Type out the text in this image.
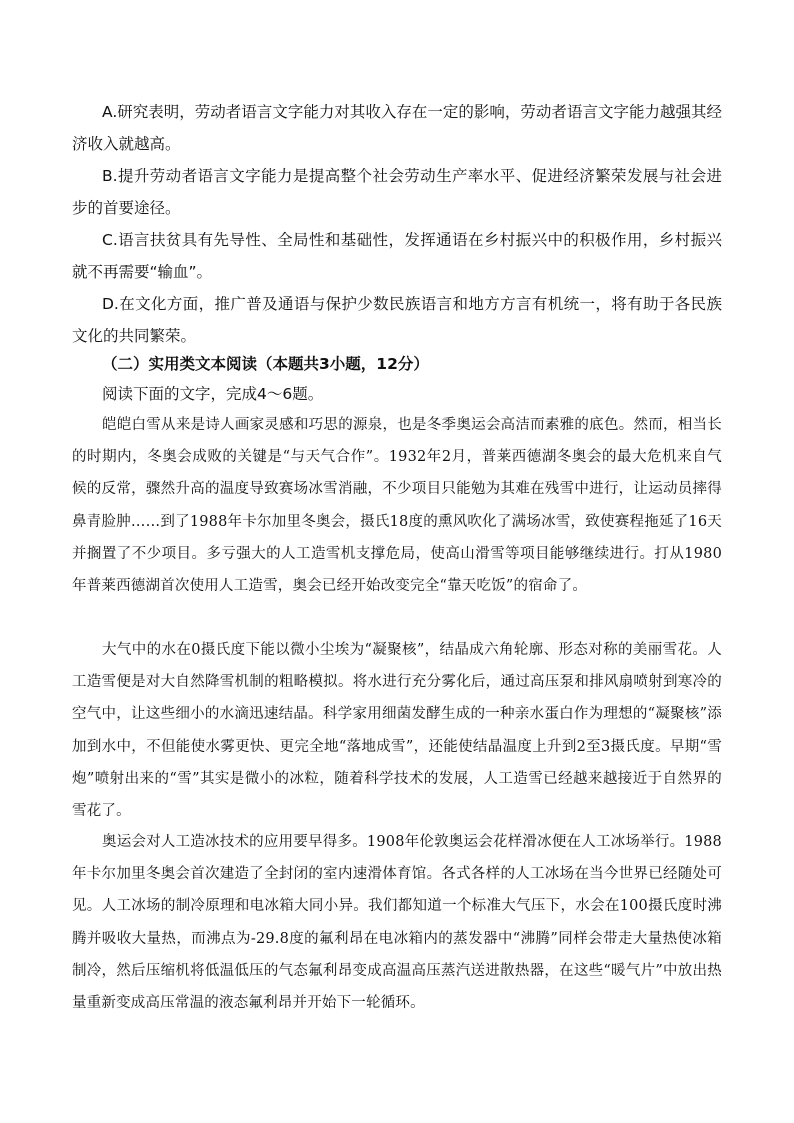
A.研究表明，劳动者语言文字能力对其收入存在一定的影响，劳动者语言文字能力越强其经济收入就越高。

B.提升劳动者语言文字能力是提高整个社会劳动生产率水平、促进经济繁荣发展与社会进步的首要途径。

C.语言扶贫具有先导性、全局性和基础性，发挥通语在乡村振兴中的积极作用，乡村振兴就不再需要“输血”。

D.在文化方面，推广普及通语与保护少数民族语言和地方方言有机统一，将有助于各民族文化的共同繁荣。

（二）实用类文本阅读（本题共3小题，12分）

阅读下面的文字，完成4～6题。

皑皑白雪从来是诗人画家灵感和巧思的源泉，也是冬季奥运会高洁而素雅的底色。然而，相当长的时期内，冬奥会成败的关键是“与天气合作”。1932年2月，普莱西德湖冬奥会的最大危机来自气候的反常，骤然升高的温度导致赛场冰雪消融，不少项目只能勉为其难在残雪中进行，让运动员摔得鼻青脸肿……到了1988年卡尔加里冬奥会，摄氏18度的熏风吹化了满场冰雪，致使赛程拖延了16天并搁置了不少项目。多亏强大的人工造雪机支撑危局，使高山滑雪等项目能够继续进行。打从1980年普莱西德湖首次使用人工造雪，奥会已经开始改变完全“靠天吃饭”的宿命了。

大气中的水在0摄氏度下能以微小尘埃为“凝聚核”，结晶成六角轮廓、形态对称的美丽雪花。人工造雪便是对大自然降雪机制的粗略模拟。将水进行充分雾化后，通过高压泵和排风扇喷射到寒冷的空气中，让这些细小的水滴迅速结晶。科学家用细菌发酵生成的一种亲水蛋白作为理想的“凝聚核”添加到水中，不但能使水雾更快、更完全地“落地成雪”，还能使结晶温度上升到2至3摄氏度。早期“雪炮”喷射出来的“雪”其实是微小的冰粒，随着科学技术的发展，人工造雪已经越来越接近于自然界的雪花了。

奥运会对人工造冰技术的应用要早得多。1908年伦敦奥运会花样滑冰便在人工冰场举行。1988年卡尔加里冬奥会首次建造了全封闭的室内速滑体育馆。各式各样的人工冰场在当今世界已经随处可见。人工冰场的制冷原理和电冰箱大同小异。我们都知道一个标准大气压下，水会在100摄氏度时沸腾并吸收大量热，而沸点为-29.8度的氟利昂在电冰箱内的蒸发器中“沸腾”同样会带走大量热使冰箱制冷，然后压缩机将低温低压的气态氟利昂变成高温高压蒸汽送进散热器，在这些“暖气片”中放出热量重新变成高压常温的液态氟利昂并开始下一轮循环。
